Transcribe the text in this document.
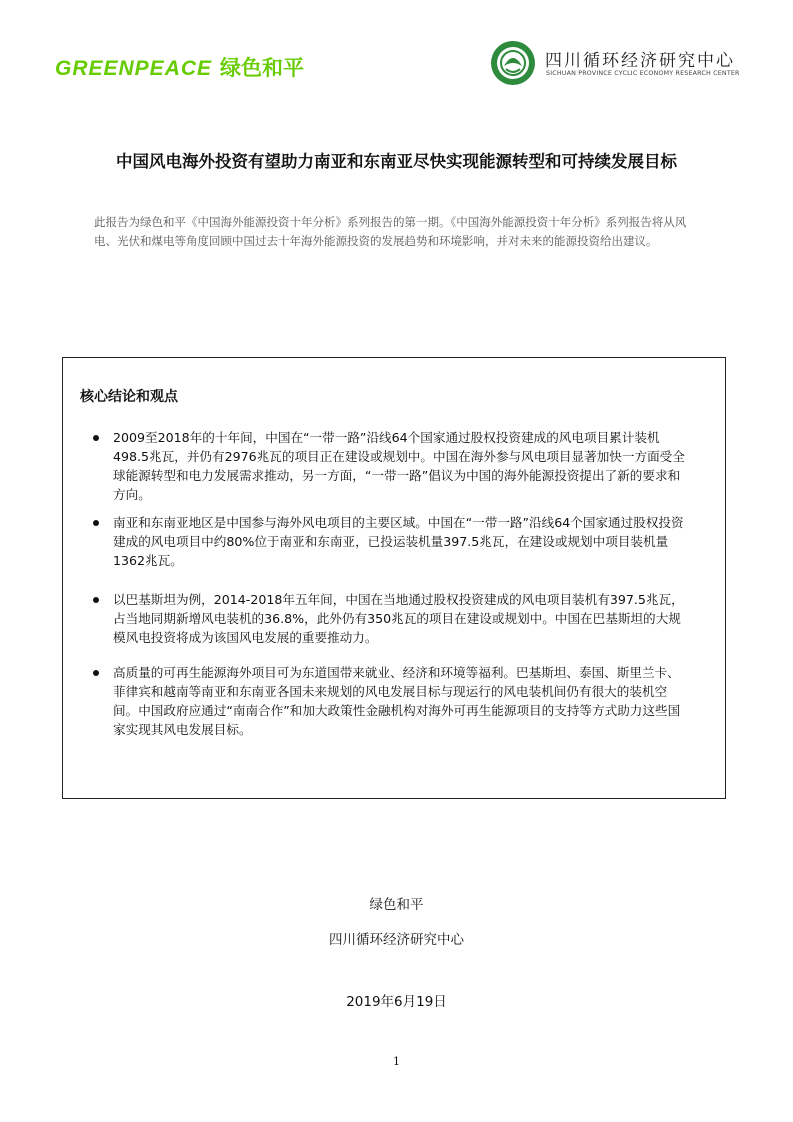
GREENPEACE 绿色和平	四川循环经济研究中心
SICHUAN PROVINCE CYCLIC ECONOMY RESEARCH CENTER
中国风电海外投资有望助力南亚和东南亚尽快实现能源转型和可持续发展目标
此报告为绿色和平《中国海外能源投资十年分析》系列报告的第一期。《中国海外能源投资十年分析》系列报告将从风电、光伏和煤电等角度回顾中国过去十年海外能源投资的发展趋势和环境影响，并对未来的能源投资给出建议。
核心结论和观点
2009至2018年的十年间，中国在“一带一路”沿线64个国家通过股权投资建成的风电项目累计装机498.5兆瓦，并仍有2976兆瓦的项目正在建设或规划中。中国在海外参与风电项目显著加快一方面受全球能源转型和电力发展需求推动，另一方面，“一带一路”倡议为中国的海外能源投资提出了新的要求和方向。
南亚和东南亚地区是中国参与海外风电项目的主要区域。中国在“一带一路”沿线64个国家通过股权投资建成的风电项目中约80%位于南亚和东南亚，已投运装机量397.5兆瓦，在建设或规划中项目装机量1362兆瓦。
以巴基斯坦为例，2014-2018年五年间，中国在当地通过股权投资建成的风电项目装机有397.5兆瓦，占当地同期新增风电装机的36.8%，此外仍有350兆瓦的项目在建设或规划中。中国在巴基斯坦的大规模风电投资将成为该国风电发展的重要推动力。
高质量的可再生能源海外项目可为东道国带来就业、经济和环境等福利。巴基斯坦、泰国、斯里兰卡、菲律宾和越南等南亚和东南亚各国未来规划的风电发展目标与现运行的风电装机间仍有很大的装机空间。中国政府应通过“南南合作”和加大政策性金融机构对海外可再生能源项目的支持等方式助力这些国家实现其风电发展目标。
绿色和平
四川循环经济研究中心
2019年6月19日
1
